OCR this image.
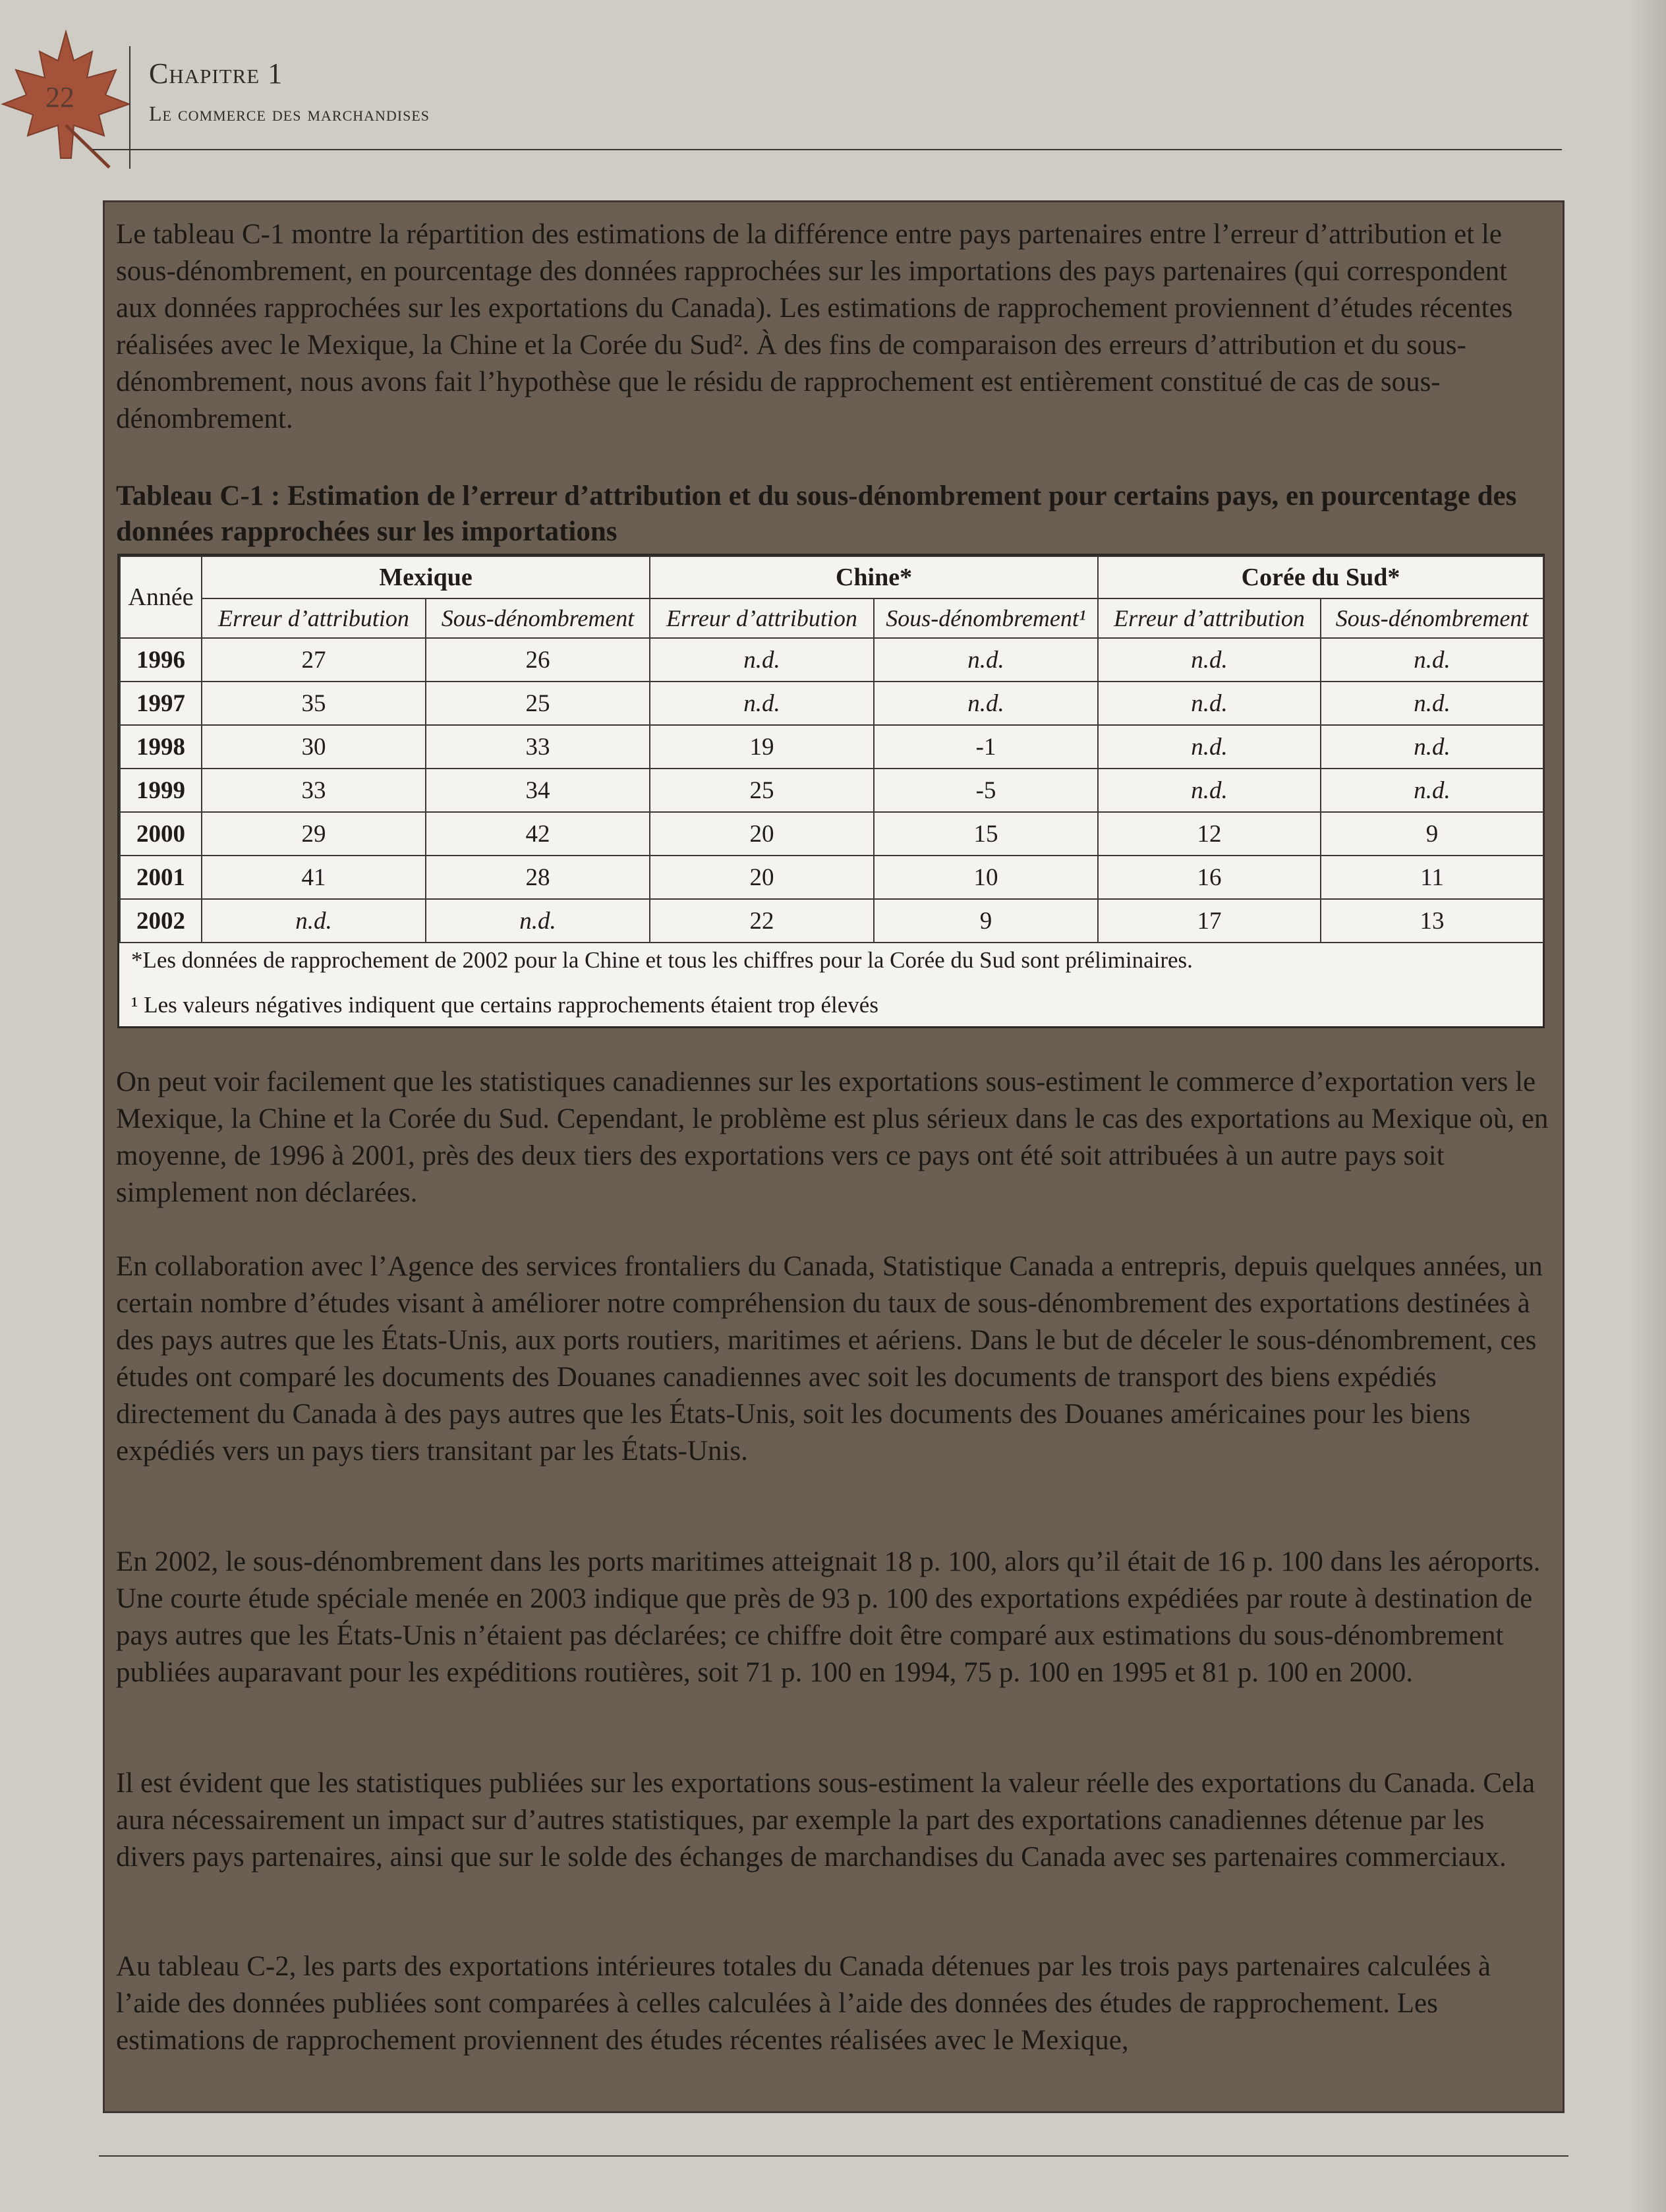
22
Chapitre 1
Le commerce des marchandises

Le tableau C-1 montre la répartition des estimations de la différence entre pays partenaires entre l’erreur d’attribution et le sous-dénombrement, en pourcentage des données rapprochées sur les importations des pays partenaires (qui correspondent aux données rapprochées sur les exportations du Canada). Les estimations de rapprochement proviennent d’études récentes réalisées avec le Mexique, la Chine et la Corée du Sud². À des fins de comparaison des erreurs d’attribution et du sous-dénombrement, nous avons fait l’hypothèse que le résidu de rapprochement est entièrement constitué de cas de sous-dénombrement.

Tableau C-1 : Estimation de l’erreur d’attribution et du sous-dénombrement pour certains pays, en pourcentage des données rapprochées sur les importations

Année	Mexique		Chine*		Corée du Sud*	
	Erreur d’attribution	Sous-dénombrement	Erreur d’attribution	Sous-dénombrement¹	Erreur d’attribution	Sous-dénombrement
1996	27	26	n.d.	n.d.	n.d.	n.d.
1997	35	25	n.d.	n.d.	n.d.	n.d.
1998	30	33	19	-1	n.d.	n.d.
1999	33	34	25	-5	n.d.	n.d.
2000	29	42	20	15	12	9
2001	41	28	20	10	16	11
2002	n.d.	n.d.	22	9	17	13
*Les données de rapprochement de 2002 pour la Chine et tous les chiffres pour la Corée du Sud sont préliminaires.
¹ Les valeurs négatives indiquent que certains rapprochements étaient trop élevés

On peut voir facilement que les statistiques canadiennes sur les exportations sous-estiment le commerce d’exportation vers le Mexique, la Chine et la Corée du Sud. Cependant, le problème est plus sérieux dans le cas des exportations au Mexique où, en moyenne, de 1996 à 2001, près des deux tiers des exportations vers ce pays ont été soit attribuées à un autre pays soit simplement non déclarées.

En collaboration avec l’Agence des services frontaliers du Canada, Statistique Canada a entrepris, depuis quelques années, un certain nombre d’études visant à améliorer notre compréhension du taux de sous-dénombrement des exportations destinées à des pays autres que les États-Unis, aux ports routiers, maritimes et aériens. Dans le but de déceler le sous-dénombrement, ces études ont comparé les documents des Douanes canadiennes avec soit les documents de transport des biens expédiés directement du Canada à des pays autres que les États-Unis, soit les documents des Douanes américaines pour les biens expédiés vers un pays tiers transitant par les États-Unis.

En 2002, le sous-dénombrement dans les ports maritimes atteignait 18 p. 100, alors qu’il était de 16 p. 100 dans les aéroports. Une courte étude spéciale menée en 2003 indique que près de 93 p. 100 des exportations expédiées par route à destination de pays autres que les États-Unis n’étaient pas déclarées; ce chiffre doit être comparé aux estimations du sous-dénombrement publiées auparavant pour les expéditions routières, soit 71 p. 100 en 1994, 75 p. 100 en 1995 et 81 p. 100 en 2000.

Il est évident que les statistiques publiées sur les exportations sous-estiment la valeur réelle des exportations du Canada. Cela aura nécessairement un impact sur d’autres statistiques, par exemple la part des exportations canadiennes détenue par les divers pays partenaires, ainsi que sur le solde des échanges de marchandises du Canada avec ses partenaires commerciaux.

Au tableau C-2, les parts des exportations intérieures totales du Canada détenues par les trois pays partenaires calculées à l’aide des données publiées sont comparées à celles calculées à l’aide des données des études de rapprochement. Les estimations de rapprochement proviennent des études récentes réalisées avec le Mexique,
